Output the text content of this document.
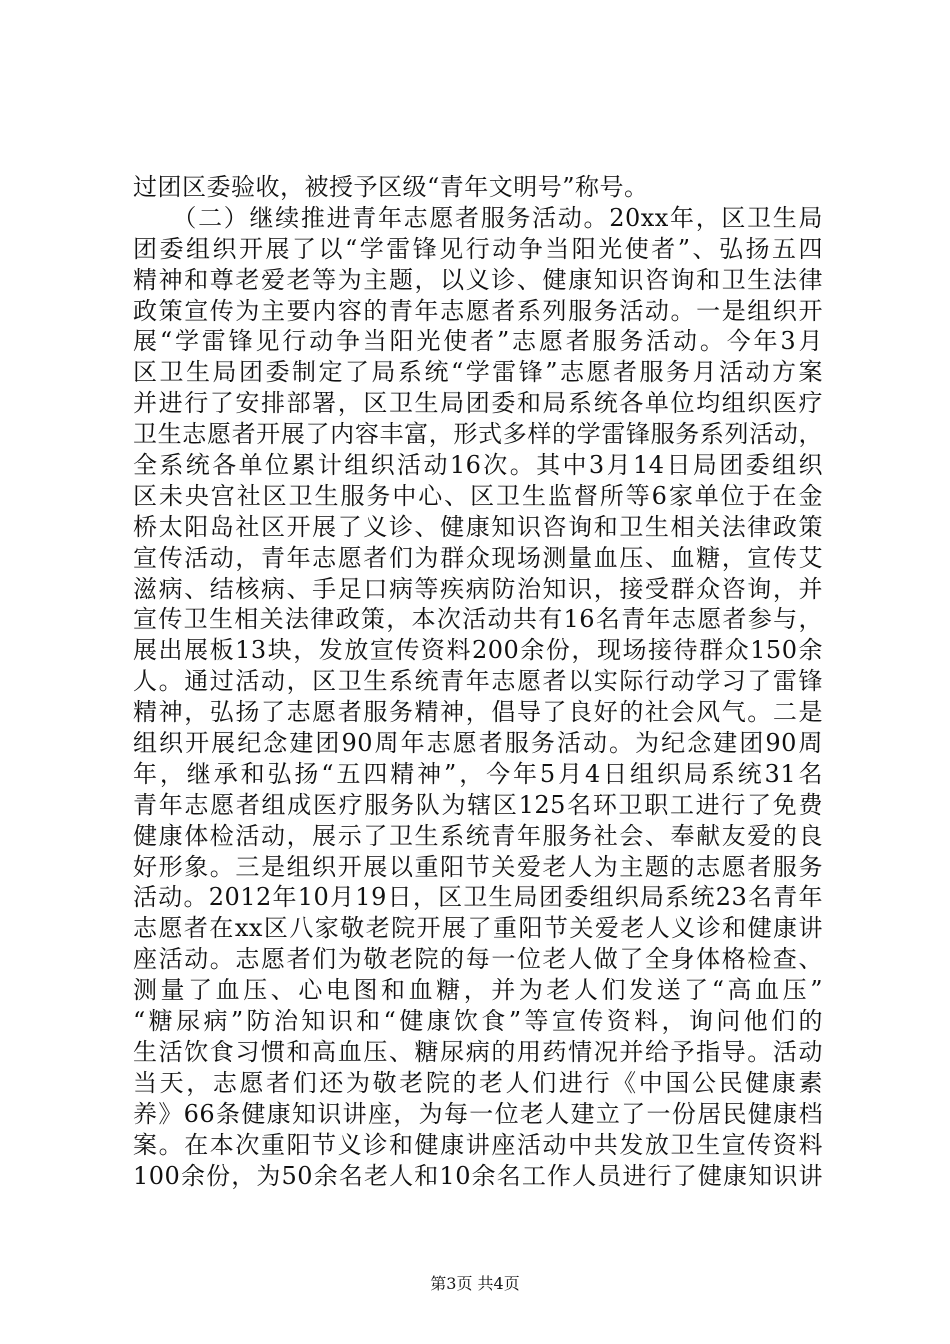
过团区委验收，被授予区级“青年文明号”称号。
　　（二）继续推进青年志愿者服务活动。20xx年，区卫生局
团委组织开展了以“学雷锋见行动争当阳光使者”、弘扬五四
精神和尊老爱老等为主题，以义诊、健康知识咨询和卫生法律
政策宣传为主要内容的青年志愿者系列服务活动。一是组织开
展“学雷锋见行动争当阳光使者”志愿者服务活动。今年3月
区卫生局团委制定了局系统“学雷锋”志愿者服务月活动方案
并进行了安排部署，区卫生局团委和局系统各单位均组织医疗
卫生志愿者开展了内容丰富，形式多样的学雷锋服务系列活动，
全系统各单位累计组织活动16次。其中3月14日局团委组织
区未央宫社区卫生服务中心、区卫生监督所等6家单位于在金
桥太阳岛社区开展了义诊、健康知识咨询和卫生相关法律政策
宣传活动，青年志愿者们为群众现场测量血压、血糖，宣传艾
滋病、结核病、手足口病等疾病防治知识，接受群众咨询，并
宣传卫生相关法律政策，本次活动共有16名青年志愿者参与，
展出展板13块，发放宣传资料200余份，现场接待群众150余
人。通过活动，区卫生系统青年志愿者以实际行动学习了雷锋
精神，弘扬了志愿者服务精神，倡导了良好的社会风气。二是
组织开展纪念建团90周年志愿者服务活动。为纪念建团90周
年，继承和弘扬“五四精神”，今年5月4日组织局系统31名
青年志愿者组成医疗服务队为辖区125名环卫职工进行了免费
健康体检活动，展示了卫生系统青年服务社会、奉献友爱的良
好形象。三是组织开展以重阳节关爱老人为主题的志愿者服务
活动。2012年10月19日，区卫生局团委组织局系统23名青年
志愿者在xx区八家敬老院开展了重阳节关爱老人义诊和健康讲
座活动。志愿者们为敬老院的每一位老人做了全身体格检查、
测量了血压、心电图和血糖，并为老人们发送了“高血压”
“糖尿病”防治知识和“健康饮食”等宣传资料，询问他们的
生活饮食习惯和高血压、糖尿病的用药情况并给予指导。活动
当天，志愿者们还为敬老院的老人们进行《中国公民健康素
养》66条健康知识讲座，为每一位老人建立了一份居民健康档
案。在本次重阳节义诊和健康讲座活动中共发放卫生宣传资料
100余份，为50余名老人和10余名工作人员进行了健康知识讲
第3页 共4页
